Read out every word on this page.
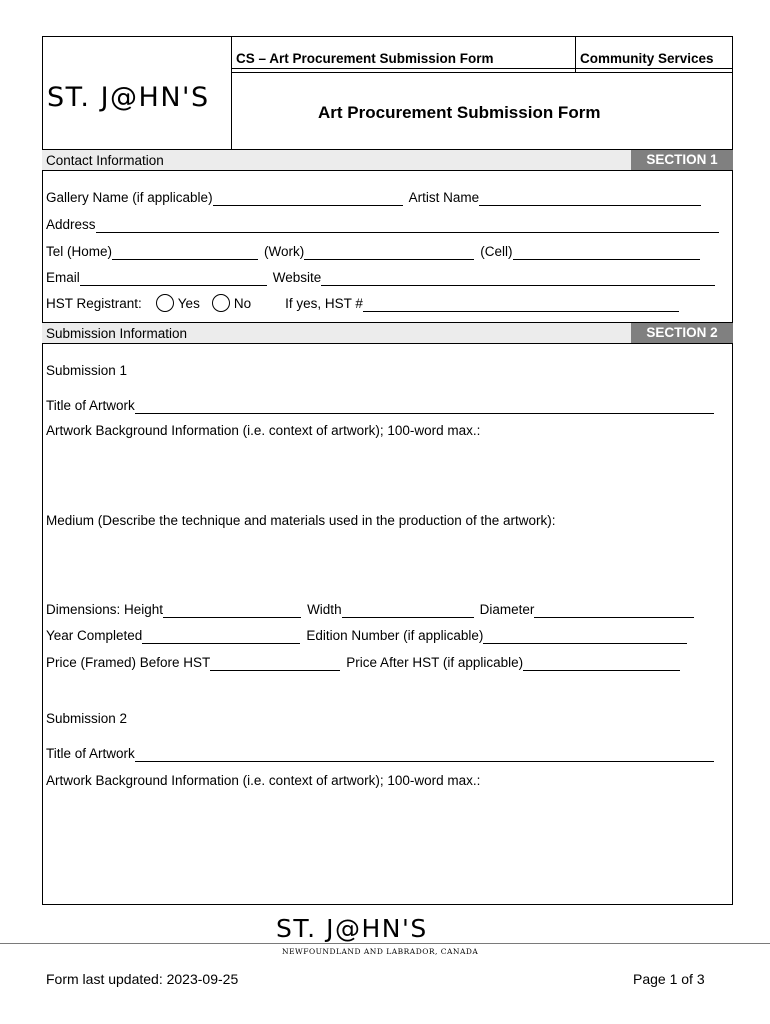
CS – Art Procurement Submission Form	Community Services
ST. J@HN'S	Art Procurement Submission Form
Contact Information	SECTION 1
Gallery Name (if applicable)	Artist Name
Address
Tel (Home)	(Work)	(Cell)
Email	Website
HST Registrant:	Yes	No	If yes, HST #
Submission Information	SECTION 2
Submission 1
Title of Artwork
Artwork Background Information (i.e. context of artwork); 100-word max.:
Medium (Describe the technique and materials used in the production of the artwork):
Dimensions: Height	Width	Diameter
Year Completed	Edition Number (if applicable)
Price (Framed) Before HST	Price After HST (if applicable)
Submission 2
Title of Artwork
Artwork Background Information (i.e. context of artwork); 100-word max.:
ST. J@HN'S
NEWFOUNDLAND AND LABRADOR, CANADA
Form last updated: 2023-09-25	Page 1 of 3
